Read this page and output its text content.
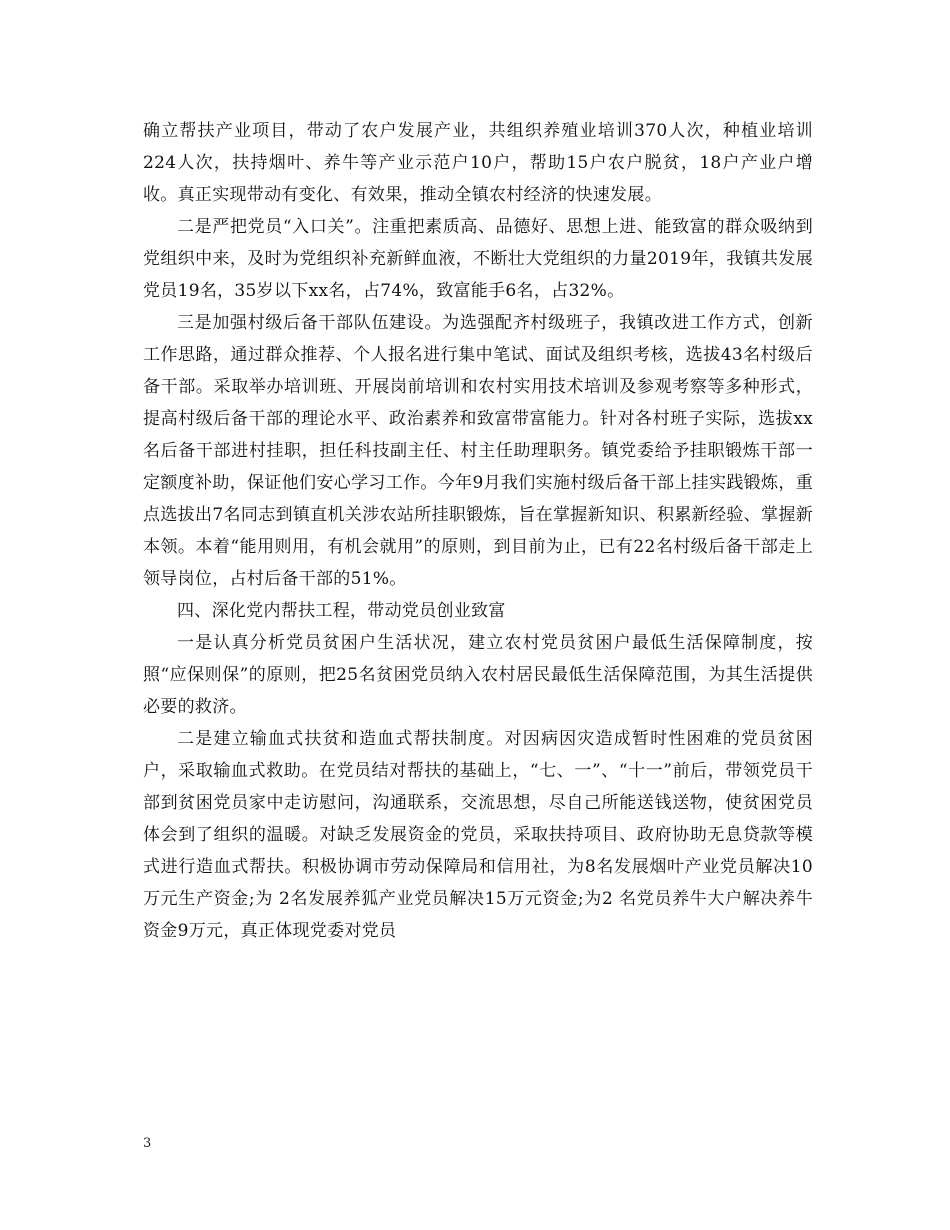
确立帮扶产业项目，带动了农户发展产业，共组织养殖业培训370人次，种植业培训224人次，扶持烟叶、养牛等产业示范户10户，帮助15户农户脱贫，18户产业户增收。真正实现带动有变化、有效果，推动全镇农村经济的快速发展。

二是严把党员“入口关”。注重把素质高、品德好、思想上进、能致富的群众吸纳到党组织中来，及时为党组织补充新鲜血液，不断壮大党组织的力量2019年，我镇共发展党员19名，35岁以下xx名，占74%，致富能手6名，占32%。

三是加强村级后备干部队伍建设。为选强配齐村级班子，我镇改进工作方式，创新工作思路，通过群众推荐、个人报名进行集中笔试、面试及组织考核，选拔43名村级后备干部。采取举办培训班、开展岗前培训和农村实用技术培训及参观考察等多种形式，提高村级后备干部的理论水平、政治素养和致富带富能力。针对各村班子实际，选拔xx名后备干部进村挂职，担任科技副主任、村主任助理职务。镇党委给予挂职锻炼干部一定额度补助，保证他们安心学习工作。今年9月我们实施村级后备干部上挂实践锻炼，重点选拔出7名同志到镇直机关涉农站所挂职锻炼，旨在掌握新知识、积累新经验、掌握新本领。本着“能用则用，有机会就用”的原则，到目前为止，已有22名村级后备干部走上领导岗位，占村后备干部的51%。

四、深化党内帮扶工程，带动党员创业致富

一是认真分析党员贫困户生活状况，建立农村党员贫困户最低生活保障制度，按照“应保则保”的原则，把25名贫困党员纳入农村居民最低生活保障范围，为其生活提供必要的救济。

二是建立输血式扶贫和造血式帮扶制度。对因病因灾造成暂时性困难的党员贫困户，采取输血式救助。在党员结对帮扶的基础上，“七、一”、“十一”前后，带领党员干部到贫困党员家中走访慰问，沟通联系，交流思想，尽自己所能送钱送物，使贫困党员体会到了组织的温暖。对缺乏发展资金的党员，采取扶持项目、政府协助无息贷款等模式进行造血式帮扶。积极协调市劳动保障局和信用社，为8名发展烟叶产业党员解决10万元生产资金;为 2名发展养狐产业党员解决15万元资金;为2 名党员养牛大户解决养牛资金9万元，真正体现党委对党员

3
